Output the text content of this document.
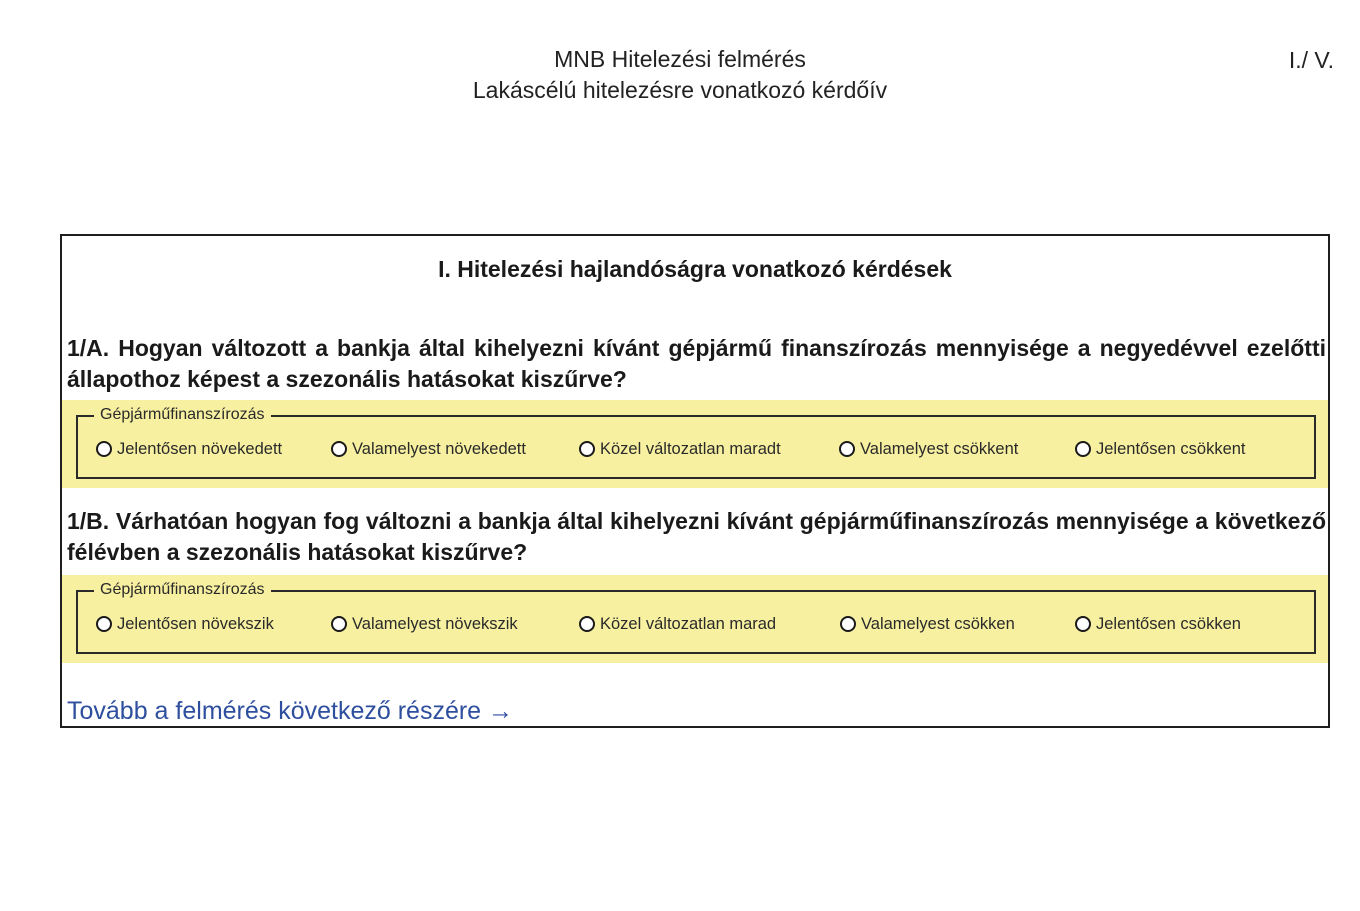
MNB Hitelezési felmérés
Lakáscélú hitelezésre vonatkozó kérdőív
I./ V.
I. Hitelezési hajlandóságra vonatkozó kérdések
1/A. Hogyan változott a bankja által kihelyezni kívánt gépjármű finanszírozás mennyisége a negyedévvel ezelőtti állapothoz képest a szezonális hatásokat kiszűrve?
Gépjárműfinanszírozás
Jelentősen növekedett	Valamelyest növekedett	Közel változatlan maradt	Valamelyest csökkent	Jelentősen csökkent
1/B. Várhatóan hogyan fog változni a bankja által kihelyezni kívánt gépjárműfinanszírozás mennyisége a következő félévben a szezonális hatásokat kiszűrve?
Gépjárműfinanszírozás
Jelentősen növekszik	Valamelyest növekszik	Közel változatlan marad	Valamelyest csökken	Jelentősen csökken
Tovább a felmérés következő részére →
